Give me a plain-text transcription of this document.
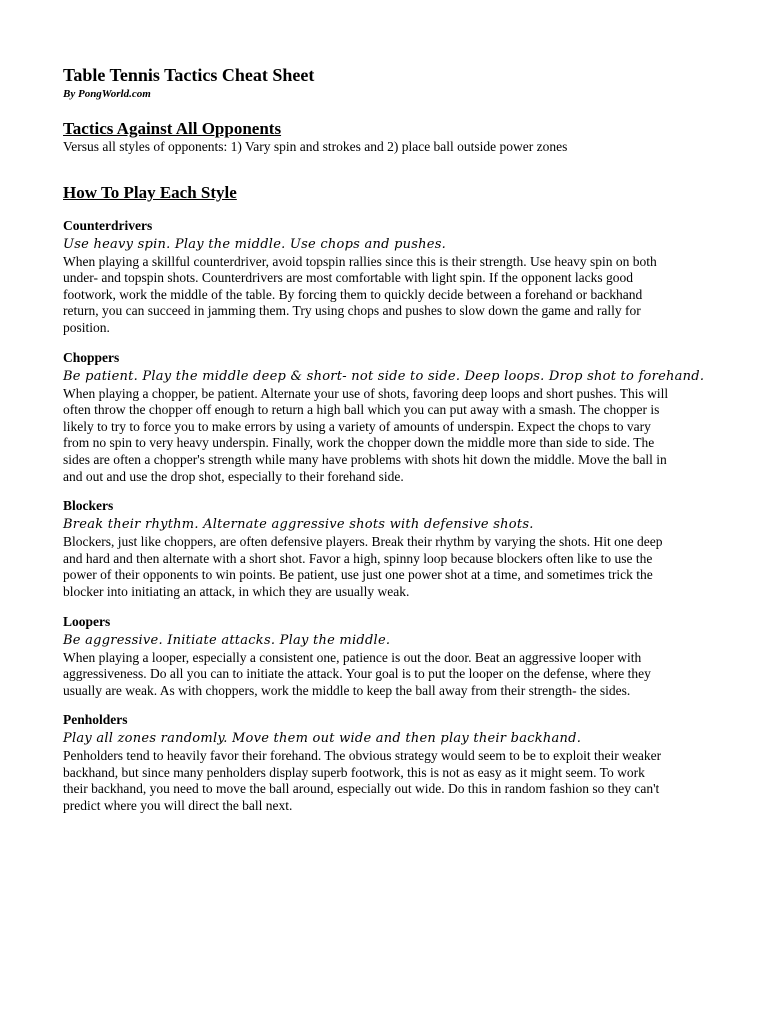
Table Tennis Tactics Cheat Sheet
By PongWorld.com
Tactics Against All Opponents

Versus all styles of opponents: 1) Vary spin and strokes and 2) place ball outside power zones

How To Play Each Style
Counterdrivers
Use heavy spin. Play the middle. Use chops and pushes.
When playing a skillful counterdriver, avoid topspin rallies since this is their strength. Use heavy spin on both
under- and topspin shots. Counterdrivers are most comfortable with light spin. If the opponent lacks good
footwork, work the middle of the table. By forcing them to quickly decide between a forehand or backhand
return, you can succeed in jamming them. Try using chops and pushes to slow down the game and rally for
position.
Choppers
Be patient. Play the middle deep & short- not side to side. Deep loops. Drop shot to forehand.
When playing a chopper, be patient. Alternate your use of shots, favoring deep loops and short pushes. This will
often throw the chopper off enough to return a high ball which you can put away with a smash. The chopper is
likely to try to force you to make errors by using a variety of amounts of underspin. Expect the chops to vary
from no spin to very heavy underspin. Finally, work the chopper down the middle more than side to side. The
sides are often a chopper's strength while many have problems with shots hit down the middle. Move the ball in
and out and use the drop shot, especially to their forehand side.
Blockers
Break their rhythm. Alternate aggressive shots with defensive shots.
Blockers, just like choppers, are often defensive players. Break their rhythm by varying the shots. Hit one deep
and hard and then alternate with a short shot. Favor a high, spinny loop because blockers often like to use the
power of their opponents to win points. Be patient, use just one power shot at a time, and sometimes trick the
blocker into initiating an attack, in which they are usually weak.
Loopers
Be aggressive. Initiate attacks. Play the middle.
When playing a looper, especially a consistent one, patience is out the door. Beat an aggressive looper with
aggressiveness. Do all you can to initiate the attack. Your goal is to put the looper on the defense, where they
usually are weak. As with choppers, work the middle to keep the ball away from their strength- the sides.
Penholders
Play all zones randomly. Move them out wide and then play their backhand.
Penholders tend to heavily favor their forehand. The obvious strategy would seem to be to exploit their weaker
backhand, but since many penholders display superb footwork, this is not as easy as it might seem. To work
their backhand, you need to move the ball around, especially out wide. Do this in random fashion so they can't
predict where you will direct the ball next.
